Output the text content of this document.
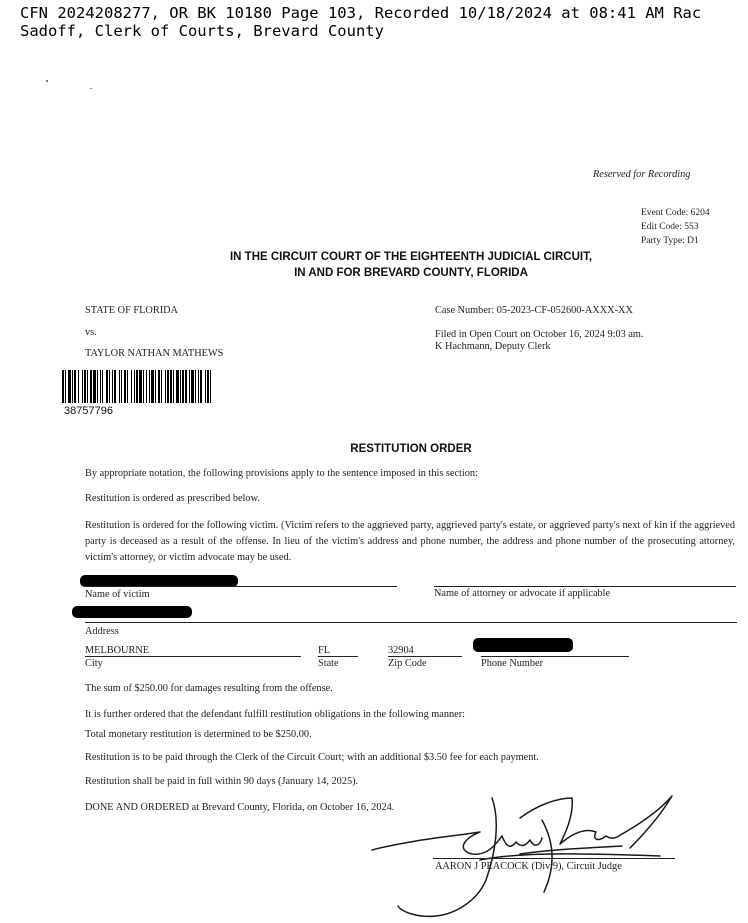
CFN 2024208277, OR BK 10180 Page 103, Recorded 10/18/2024 at 08:41 AM Rac
Sadoff, Clerk of Courts, Brevard County
Reserved for Recording
Event Code: 6204
Edit Code: 553
Party Type: D1
IN THE CIRCUIT COURT OF THE EIGHTEENTH JUDICIAL CIRCUIT,
IN AND FOR BREVARD COUNTY, FLORIDA
STATE OF FLORIDA
vs.
TAYLOR NATHAN MATHEWS
Case Number: 05-2023-CF-052600-AXXX-XX
Filed in Open Court on October 16, 2024 9:03 am.
K Hachmann, Deputy Clerk
38757796
RESTITUTION ORDER
By appropriate notation, the following provisions apply to the sentence imposed in this section:
Restitution is ordered as prescribed below.
Restitution is ordered for the following victim. (Victim refers to the aggrieved party, aggrieved party's estate, or aggrieved party's next of kin if the aggrieved party is deceased as a result of the offense. In lieu of the victim's address and phone number, the address and phone number of the prosecuting attorney, victim's attorney, or victim advocate may be used.
Name of victim	Name of attorney or advocate if applicable
Address
MELBOURNE	FL	32904
City	State	Zip Code	Phone Number
The sum of $250.00 for damages resulting from the offense.
It is further ordered that the defendant fulfill restitution obligations in the following manner:
Total monetary restitution is determined to be $250.00.
Restitution is to be paid through the Clerk of the Circuit Court; with an additional $3.50 fee for each payment.
Restitution shall be paid in full within 90 days (January 14, 2025).
DONE AND ORDERED at Brevard County, Florida, on October 16, 2024.
AARON J PEACOCK (Div 9), Circuit Judge
